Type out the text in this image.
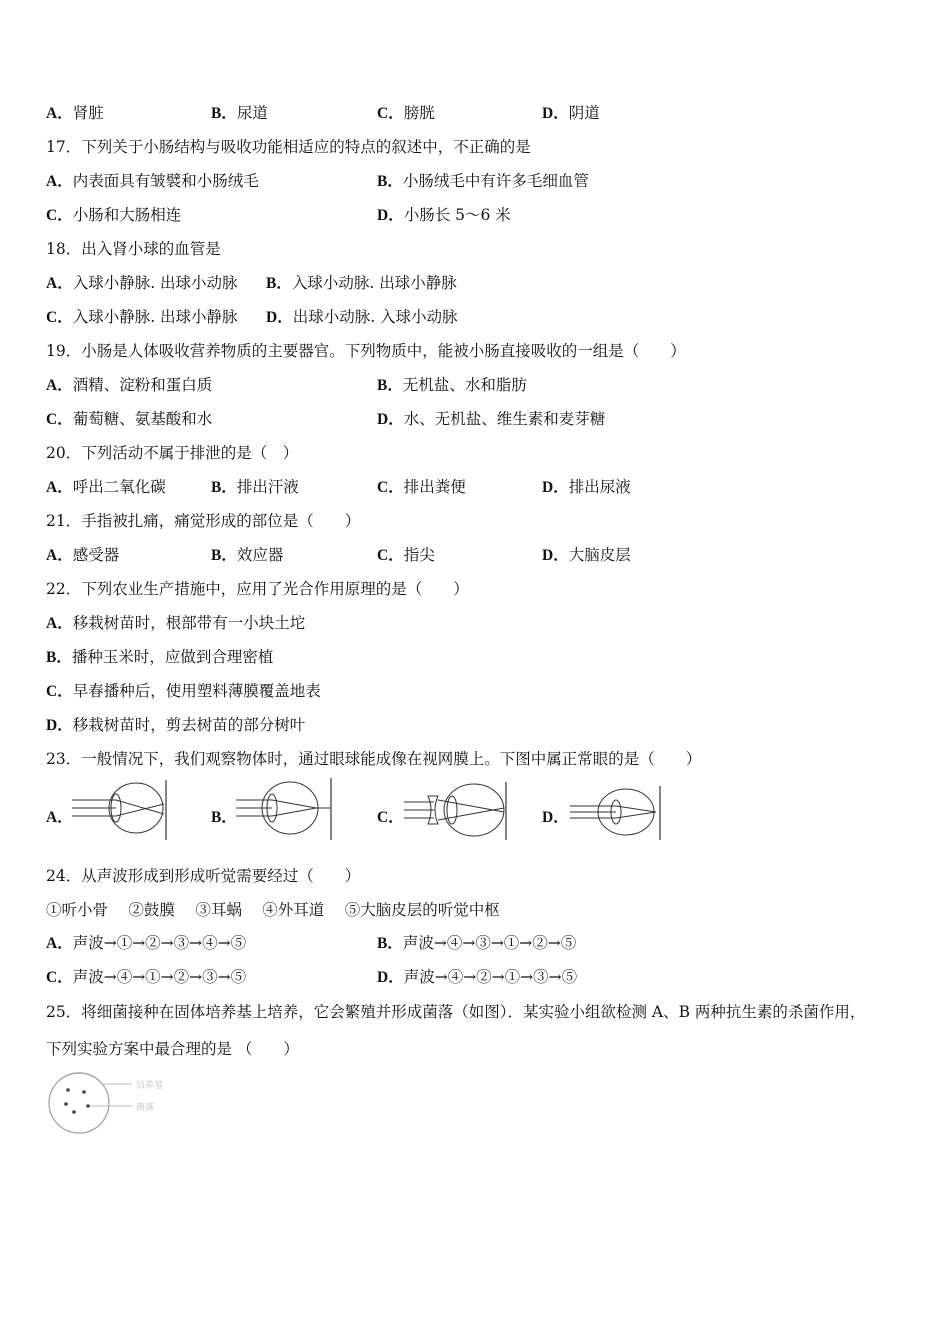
A．肾脏	B．尿道	C．膀胱	D．阴道
17．下列关于小肠结构与吸收功能相适应的特点的叙述中，不正确的是
A．内表面具有皱襞和小肠绒毛	B．小肠绒毛中有许多毛细血管
C．小肠和大肠相连	D．小肠长 5～6 米
18．出入肾小球的血管是
A．入球小静脉. 出球小动脉 B．入球小动脉. 出球小静脉
C．入球小静脉. 出球小静脉 D．出球小动脉. 入球小动脉
19．小肠是人体吸收营养物质的主要器官。下列物质中，能被小肠直接吸收的一组是（　　）
A．酒精、淀粉和蛋白质	B．无机盐、水和脂肪
C．葡萄糖、氨基酸和水	D．水、无机盐、维生素和麦芽糖
20．下列活动不属于排泄的是（　）
A．呼出二氧化碳	B．排出汗液	C．排出粪便	D．排出尿液
21．手指被扎痛，痛觉形成的部位是（　　）
A．感受器	B．效应器	C．指尖	D．大脑皮层
22．下列农业生产措施中，应用了光合作用原理的是（　　）
A．移栽树苗时，根部带有一小块土坨
B．播种玉米时，应做到合理密植
C．早春播种后，使用塑料薄膜覆盖地表
D．移栽树苗时，剪去树苗的部分树叶
23．一般情况下，我们观察物体时，通过眼球能成像在视网膜上。下图中属正常眼的是（　　）
A．	B．	C．	D．
24．从声波形成到形成听觉需要经过（　　）
①听小骨　 ②鼓膜　 ③耳蜗　 ④外耳道　 ⑤大脑皮层的听觉中枢
A．声波→①→②→③→④→⑤	B．声波→④→③→①→②→⑤
C．声波→④→①→②→③→⑤	D．声波→④→②→①→③→⑤
25．将细菌接种在固体培养基上培养，它会繁殖并形成菌落（如图）．某实验小组欲检测 A、B 两种抗生素的杀菌作用，
下列实验方案中最合理的是 （　　）
培养基
菌落
